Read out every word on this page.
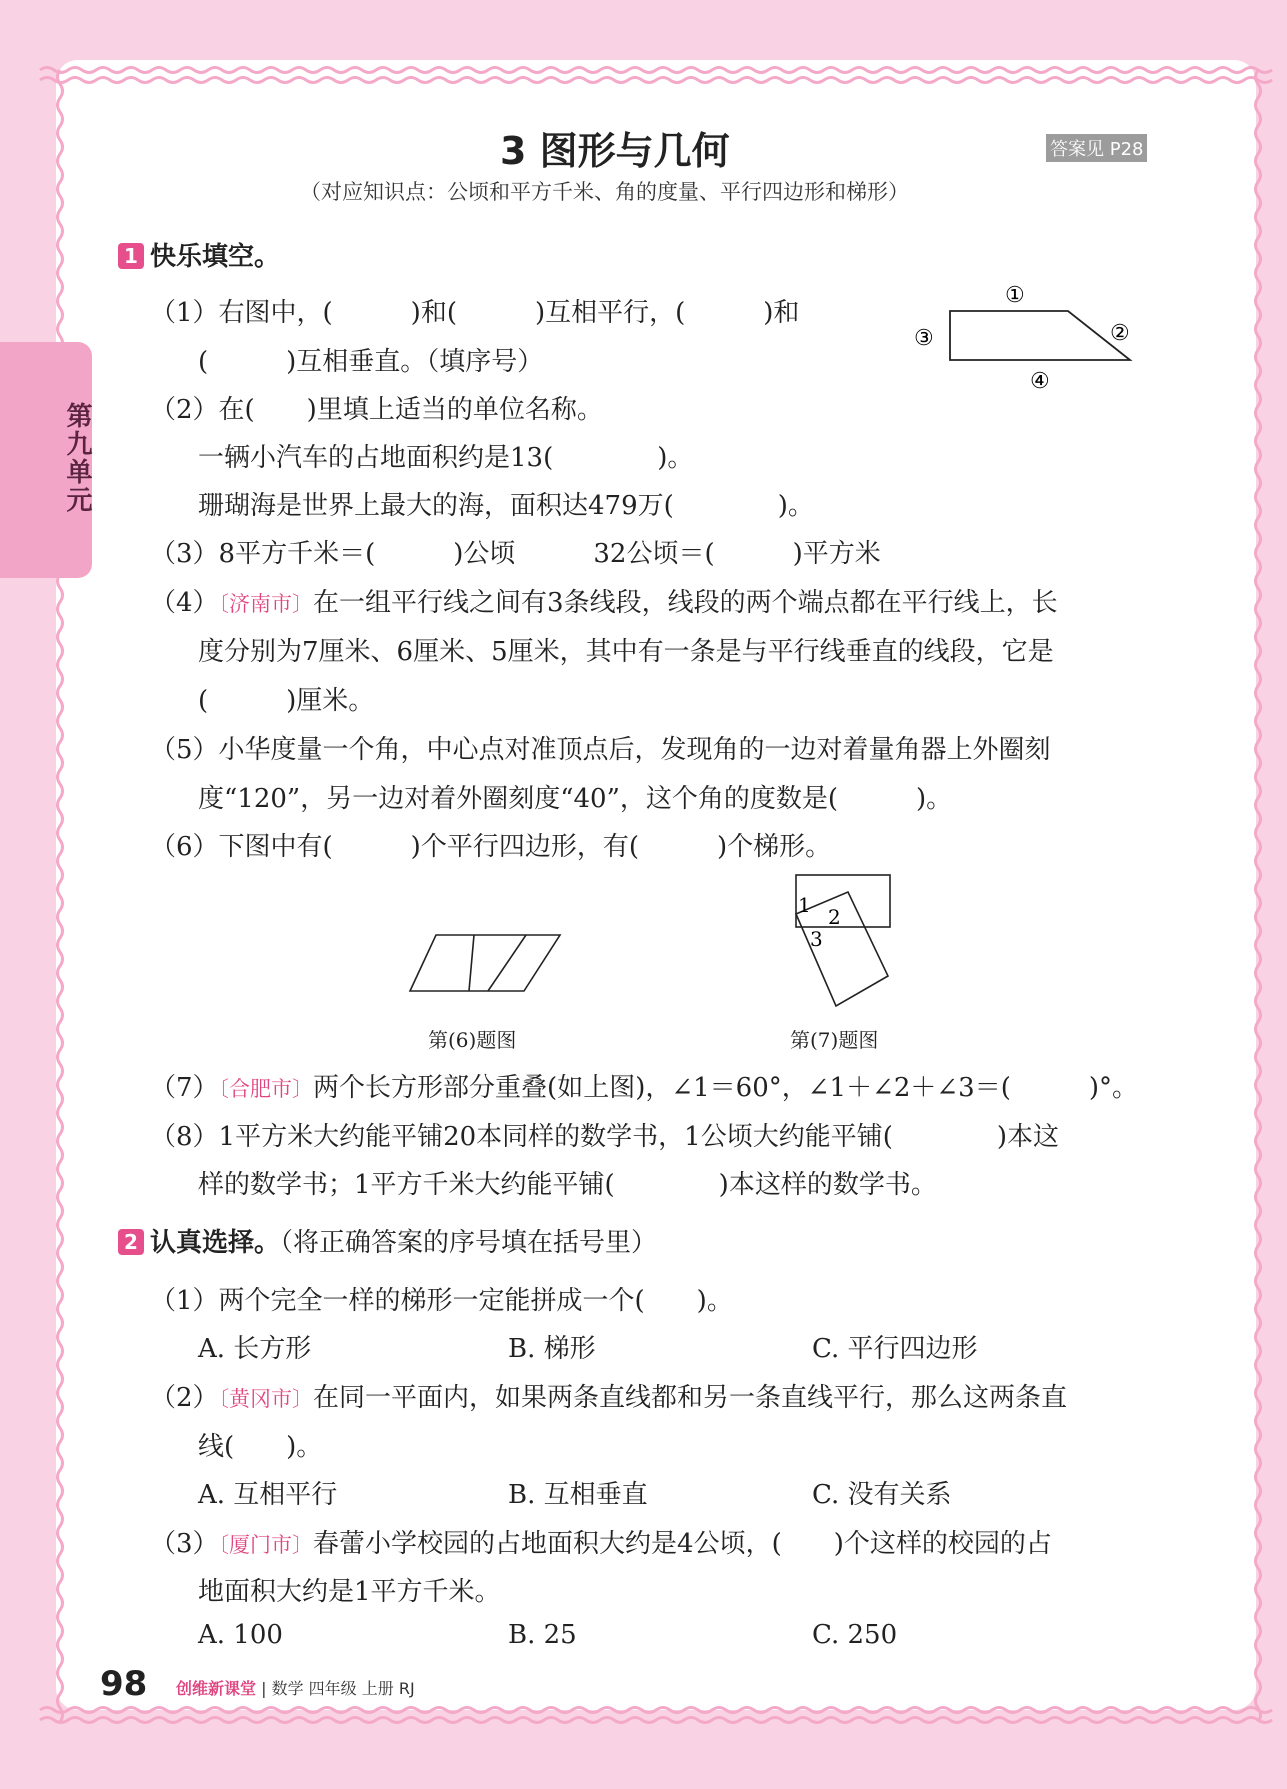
第九单元
3 图形与几何	答案见 P28
（对应知识点：公顷和平方千米、角的度量、平行四边形和梯形）
1 快乐填空。
（1）右图中，(　　　)和(　　　)互相平行，(　　　)和
(　　　)互相垂直。（填序号）
①
②
③
④
（2）在(　　)里填上适当的单位名称。
一辆小汽车的占地面积约是13(　　　　)。
珊瑚海是世界上最大的海，面积达479万(　　　　)。
（3）8平方千米＝(　　　)公顷　　　32公顷＝(　　　)平方米
（4）〔济南市〕在一组平行线之间有3条线段，线段的两个端点都在平行线上，长
度分别为7厘米、6厘米、5厘米，其中有一条是与平行线垂直的线段，它是
(　　　)厘米。
（5）小华度量一个角，中心点对准顶点后，发现角的一边对着量角器上外圈刻
度“120”，另一边对着外圈刻度“40”，这个角的度数是(　　　)。
（6）下图中有(　　　)个平行四边形，有(　　　)个梯形。
第(6)题图
1 2
3
第(7)题图
（7）〔合肥市〕两个长方形部分重叠(如上图)，∠1＝60°，∠1＋∠2＋∠3＝(　　　)°。
（8）1平方米大约能平铺20本同样的数学书，1公顷大约能平铺(　　　　)本这
样的数学书；1平方千米大约能平铺(　　　　)本这样的数学书。
2 认真选择。（将正确答案的序号填在括号里）
（1）两个完全一样的梯形一定能拼成一个(　　)。
A. 长方形	B. 梯形	C. 平行四边形
（2）〔黄冈市〕在同一平面内，如果两条直线都和另一条直线平行，那么这两条直
线(　　)。
A. 互相平行	B. 互相垂直	C. 没有关系
（3）〔厦门市〕春蕾小学校园的占地面积大约是4公顷，(　　)个这样的校园的占
地面积大约是1平方千米。
A. 100	B. 25	C. 250
98 创维新课堂 | 数学 四年级 上册 RJ
